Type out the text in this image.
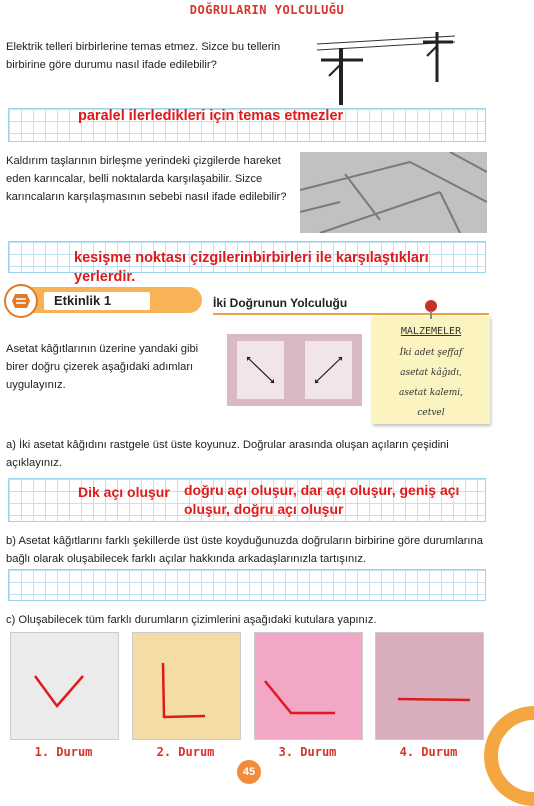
DOĞRULARIN YOLCULUĞU
Elektrik telleri birbirlerine temas etmez. Sizce bu tellerin birbirine göre durumu nasıl ifade edilebilir?
paralel ilerledikleri için temas etmezler
Kaldırım taşlarının birleşme yerindeki çizgilerde hareket eden karıncalar, belli noktalarda karşılaşabilir. Sizce karıncaların karşılaşmasının sebebi nasıl ifade edilebilir?
kesişme noktası çizgilerinbirbirleri ile karşılaştıkları yerlerdir.
Etkinlik 1	İki Doğrunun Yolculuğu
Asetat kâğıtlarının üzerine yandaki gibi birer doğru çizerek aşağıdaki adımları uygulayınız.
MALZEMELER
İki adet şeffaf
asetat kâğıdı,
asetat kalemi,
cetvel
a) İki asetat kâğıdını rastgele üst üste koyunuz. Doğrular arasında oluşan açıların çeşidini açıklayınız.
Dik açı oluşur doğru açı oluşur, dar açı oluşur, geniş açı
oluşur, doğru açı oluşur
b) Asetat kâğıtlarını farklı şekillerde üst üste koyduğunuzda doğruların birbirine göre durumlarına bağlı olarak oluşabilecek farklı açılar hakkında arkadaşlarınızla tartışınız.
c) Oluşabilecek tüm farklı durumların çizimlerini aşağıdaki kutulara yapınız.
1. Durum	2. Durum	3. Durum	4. Durum
45
